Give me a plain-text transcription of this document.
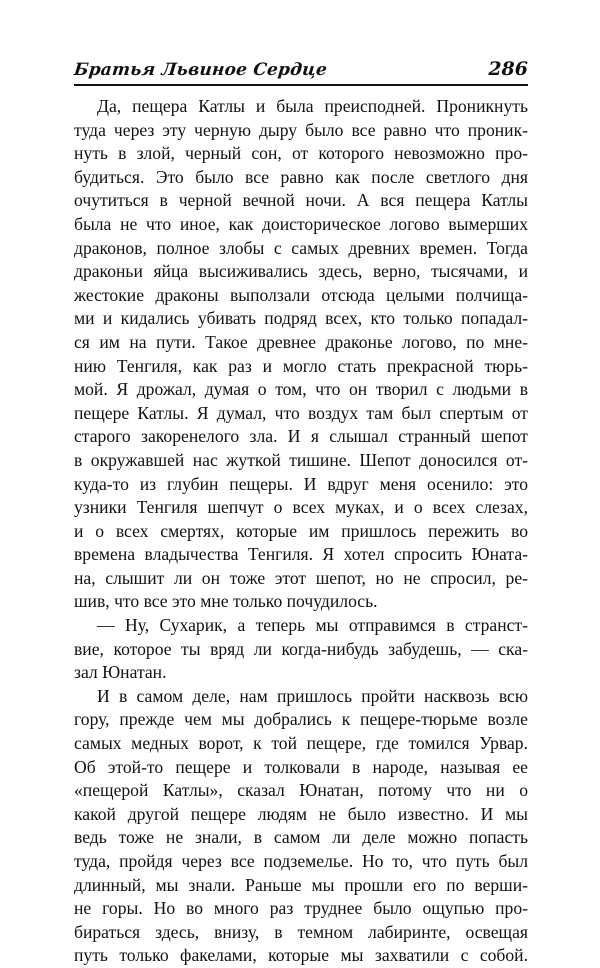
Братья Львиное Сердце	286
Да, пещера Катлы и была преисподней. Проникнуть
туда через эту черную дыру было все равно что проник-
нуть в злой, черный сон, от которого невозможно про-
будиться. Это было все равно как после светлого дня
очутиться в черной вечной ночи. А вся пещера Катлы
была не что иное, как доисторическое логово вымерших
драконов, полное злобы с самых древних времен. Тогда
драконьи яйца высиживались здесь, верно, тысячами, и
жестокие драконы выползали отсюда целыми полчища-
ми и кидались убивать подряд всех, кто только попадал-
ся им на пути. Такое древнее драконье логово, по мне-
нию Тенгиля, как раз и могло стать прекрасной тюрь-
мой. Я дрожал, думая о том, что он творил с людьми в
пещере Катлы. Я думал, что воздух там был спертым от
старого закоренелого зла. И я слышал странный шепот
в окружавшей нас жуткой тишине. Шепот доносился от-
куда-то из глубин пещеры. И вдруг меня осенило: это
узники Тенгиля шепчут о всех муках, и о всех слезах,
и о всех смертях, которые им пришлось пережить во
времена владычества Тенгиля. Я хотел спросить Юната-
на, слышит ли он тоже этот шепот, но не спросил, ре-
шив, что все это мне только почудилось.
— Ну, Сухарик, а теперь мы отправимся в странст-
вие, которое ты вряд ли когда-нибудь забудешь, — ска-
зал Юнатан.
И в самом деле, нам пришлось пройти насквозь всю
гору, прежде чем мы добрались к пещере-тюрьме возле
самых медных ворот, к той пещере, где томился Урвар.
Об этой-то пещере и толковали в народе, называя ее
«пещерой Катлы», сказал Юнатан, потому что ни о
какой другой пещере людям не было известно. И мы
ведь тоже не знали, в самом ли деле можно попасть
туда, пройдя через все подземелье. Но то, что путь был
длинный, мы знали. Раньше мы прошли его по верши-
не горы. Но во много раз труднее было ощупью про-
бираться здесь, внизу, в темном лабиринте, освещая
путь только факелами, которые мы захватили с собой.
